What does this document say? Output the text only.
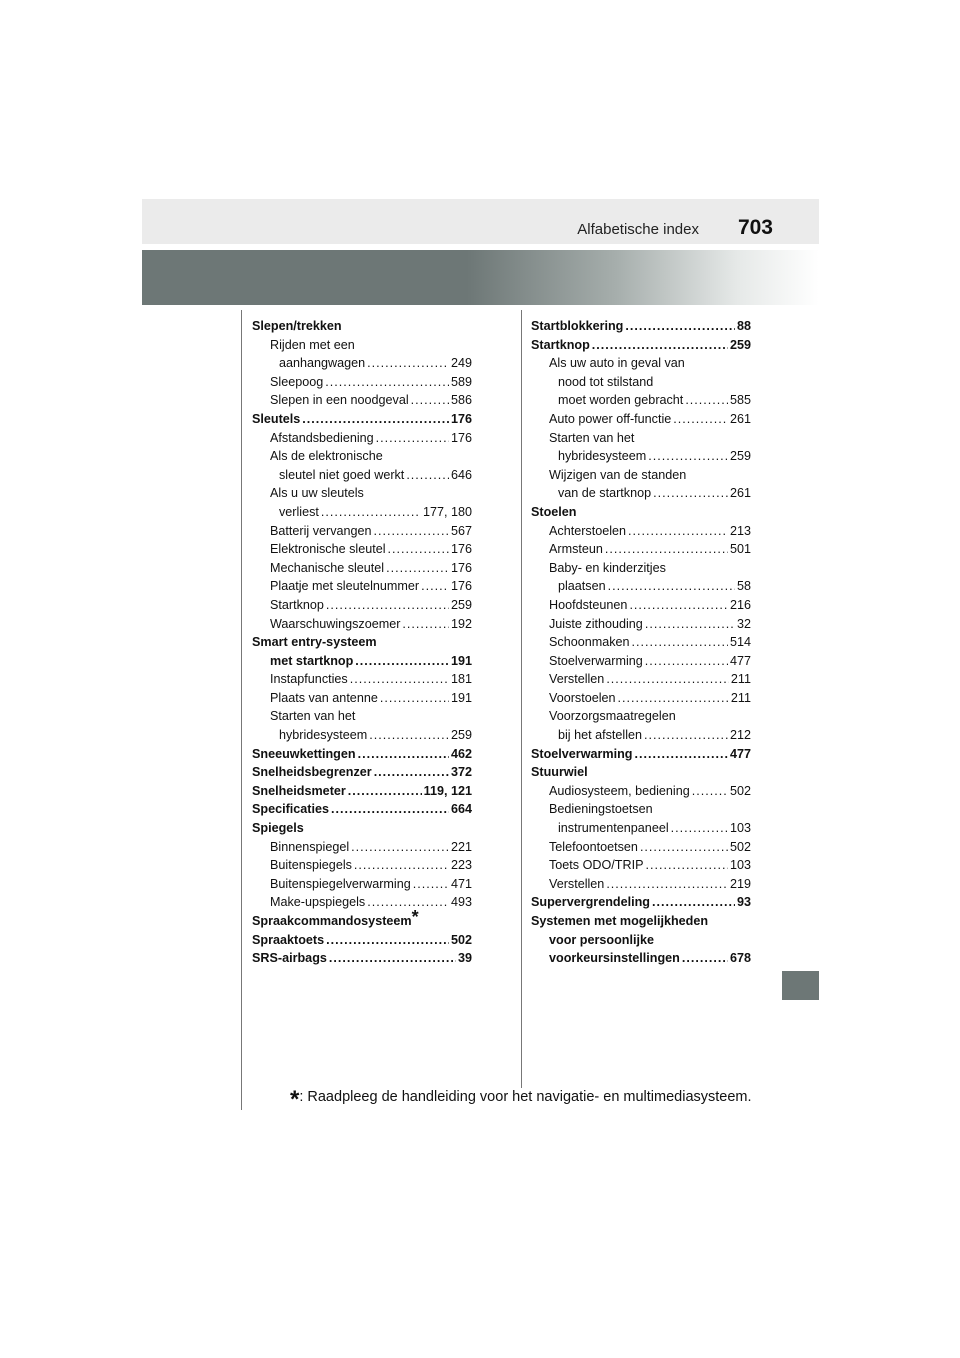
Alfabetische index 703
Slepen/trekken
Rijden met een
aanhangwagen .....	249
Sleepoog .....	589
Slepen in een noodgeval .....	586
Sleutels .....	176
Afstandsbediening .....	176
Als de elektronische
sleutel niet goed werkt .....	646
Als u uw sleutels
verliest .....	177, 180
Batterij vervangen .....	567
Elektronische sleutel .....	176
Mechanische sleutel .....	176
Plaatje met sleutelnummer .....	176
Startknop .....	259
Waarschuwingszoemer .....	192
Smart entry-systeem
met startknop .....	191
Instapfuncties .....	181
Plaats van antenne .....	191
Starten van het
hybridesysteem .....	259
Sneeuwkettingen .....	462
Snelheidsbegrenzer .....	372
Snelheidsmeter .....	119, 121
Specificaties .....	664
Spiegels
Binnenspiegel .....	221
Buitenspiegels .....	223
Buitenspiegelverwarming .....	471
Make-upspiegels .....	493
Spraakcommandosysteem*
Spraaktoets .....	502
SRS-airbags .....	39
Startblokkering .....	88
Startknop .....	259
Als uw auto in geval van
nood tot stilstand
moet worden gebracht .....	585
Auto power off-functie .....	261
Starten van het
hybridesysteem .....	259
Wijzigen van de standen
van de startknop .....	261
Stoelen
Achterstoelen .....	213
Armsteun .....	501
Baby- en kinderzitjes
plaatsen .....	58
Hoofdsteunen .....	216
Juiste zithouding .....	32
Schoonmaken .....	514
Stoelverwarming .....	477
Verstellen .....	211
Voorstoelen .....	211
Voorzorgsmaatregelen
bij het afstellen .....	212
Stoelverwarming .....	477
Stuurwiel
Audiosysteem, bediening .....	502
Bedieningstoetsen
instrumentenpaneel .....	103
Telefoontoetsen .....	502
Toets ODO/TRIP .....	103
Verstellen .....	219
Supervergrendeling .....	93
Systemen met mogelijkheden
voor persoonlijke
voorkeursinstellingen .....	678
*: Raadpleeg de handleiding voor het navigatie- en multimediasysteem.
